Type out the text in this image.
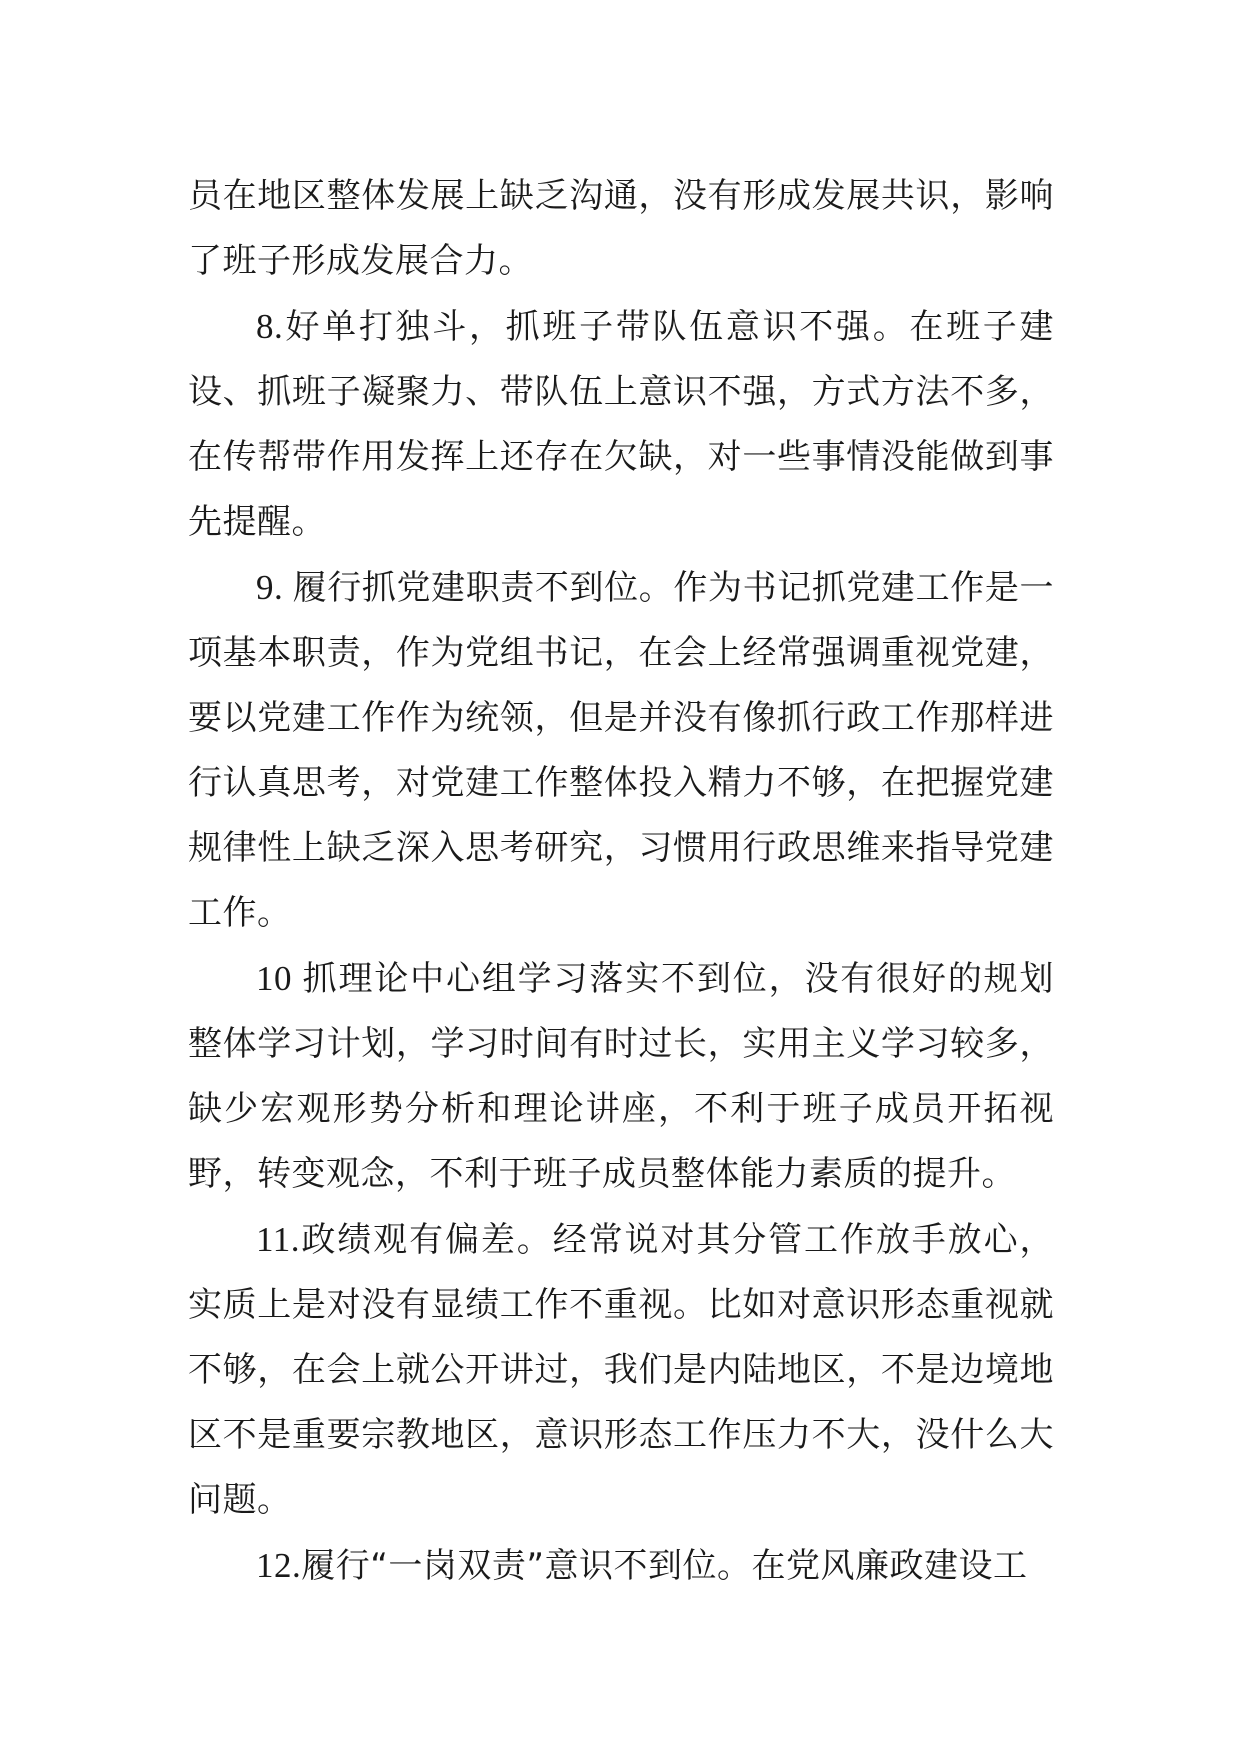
员在地区整体发展上缺乏沟通，没有形成发展共识，影响了班子形成发展合力。

8.好单打独斗，抓班子带队伍意识不强。在班子建设、抓班子凝聚力、带队伍上意识不强，方式方法不多，在传帮带作用发挥上还存在欠缺，对一些事情没能做到事先提醒。

9. 履行抓党建职责不到位。作为书记抓党建工作是一项基本职责，作为党组书记，在会上经常强调重视党建，要以党建工作作为统领，但是并没有像抓行政工作那样进行认真思考，对党建工作整体投入精力不够，在把握党建规律性上缺乏深入思考研究，习惯用行政思维来指导党建工作。

10 抓理论中心组学习落实不到位，没有很好的规划整体学习计划，学习时间有时过长，实用主义学习较多，缺少宏观形势分析和理论讲座，不利于班子成员开拓视野，转变观念，不利于班子成员整体能力素质的提升。

11.政绩观有偏差。经常说对其分管工作放手放心，实质上是对没有显绩工作不重视。比如对意识形态重视就不够，在会上就公开讲过，我们是内陆地区，不是边境地区不是重要宗教地区，意识形态工作压力不大，没什么大问题。

12.履行“一岗双责”意识不到位。在党风廉政建设工
